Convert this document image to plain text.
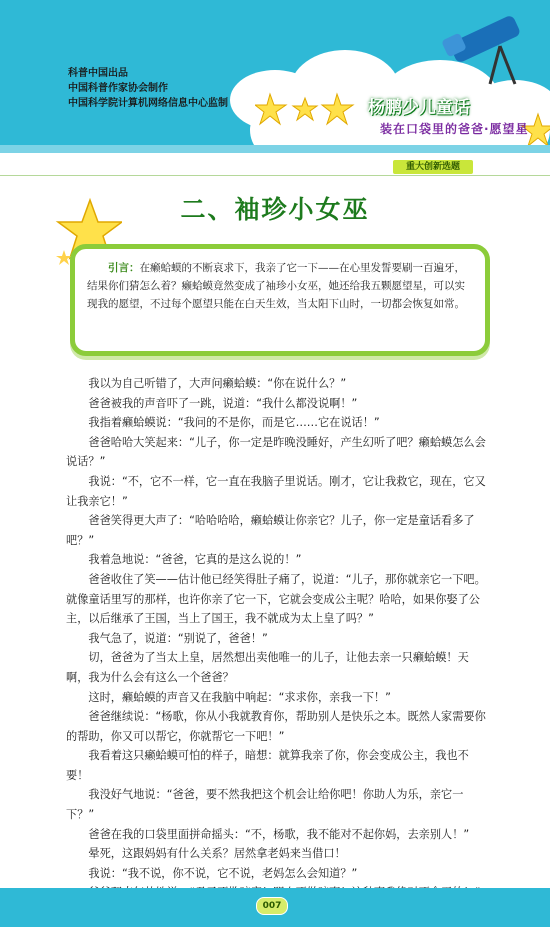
科普中国出品
中国科普作家协会制作
中国科学院计算机网络信息中心监制	杨鹏少儿童话
装在口袋里的爸爸·愿望星
重大创新选题
二、袖珍小女巫

引言：在癞蛤蟆的不断哀求下，我亲了它一下——在心里发誓要刷一百遍牙，结果你们猜怎么着？癞蛤蟆竟然变成了袖珍小女巫，她还给我五颗愿望星，可以实现我的愿望，不过每个愿望只能在白天生效，当太阳下山时，一切都会恢复如常。

我以为自己听错了，大声问癞蛤蟆：“你在说什么？”

爸爸被我的声音吓了一跳，说道：“我什么都没说啊！”

我指着癞蛤蟆说：“我问的不是你，而是它……它在说话！”

爸爸哈哈大笑起来：“儿子，你一定是昨晚没睡好，产生幻听了吧？癞蛤蟆怎么会说话？”

我说：“不，它不一样，它一直在我脑子里说话。刚才，它让我救它，现在，它又让我亲它！”

爸爸笑得更大声了：“哈哈哈哈，癞蛤蟆让你亲它？儿子，你一定是童话看多了吧？”

我着急地说：“爸爸，它真的是这么说的！”

爸爸收住了笑——估计他已经笑得肚子痛了，说道：“儿子，那你就亲它一下吧。就像童话里写的那样，也许你亲了它一下，它就会变成公主呢？哈哈，如果你娶了公主，以后继承了王国，当上了国王，我不就成为太上皇了吗？”

我气急了，说道：“别说了，爸爸！”

切，爸爸为了当太上皇，居然想出卖他唯一的儿子，让他去亲一只癞蛤蟆！天啊，我为什么会有这么一个爸爸？

这时，癞蛤蟆的声音又在我脑中响起：“求求你，亲我一下！”

爸爸继续说：“杨歌，你从小我就教育你，帮助别人是快乐之本。既然人家需要你的帮助，你又可以帮它，你就帮它一下吧！”

我看着这只癞蛤蟆可怕的样子，暗想：就算我亲了你，你会变成公主，我也不要！

我没好气地说：“爸爸，要不然我把这个机会让给你吧！你助人为乐，亲它一下？”

爸爸在我的口袋里面拼命摇头：“不，杨歌，我不能对不起你妈，去亲别人！”

晕死，这跟妈妈有什么关系？居然拿老妈来当借口！

我说：“我不说，你不说，它不说，老妈怎么会知道？”

007
